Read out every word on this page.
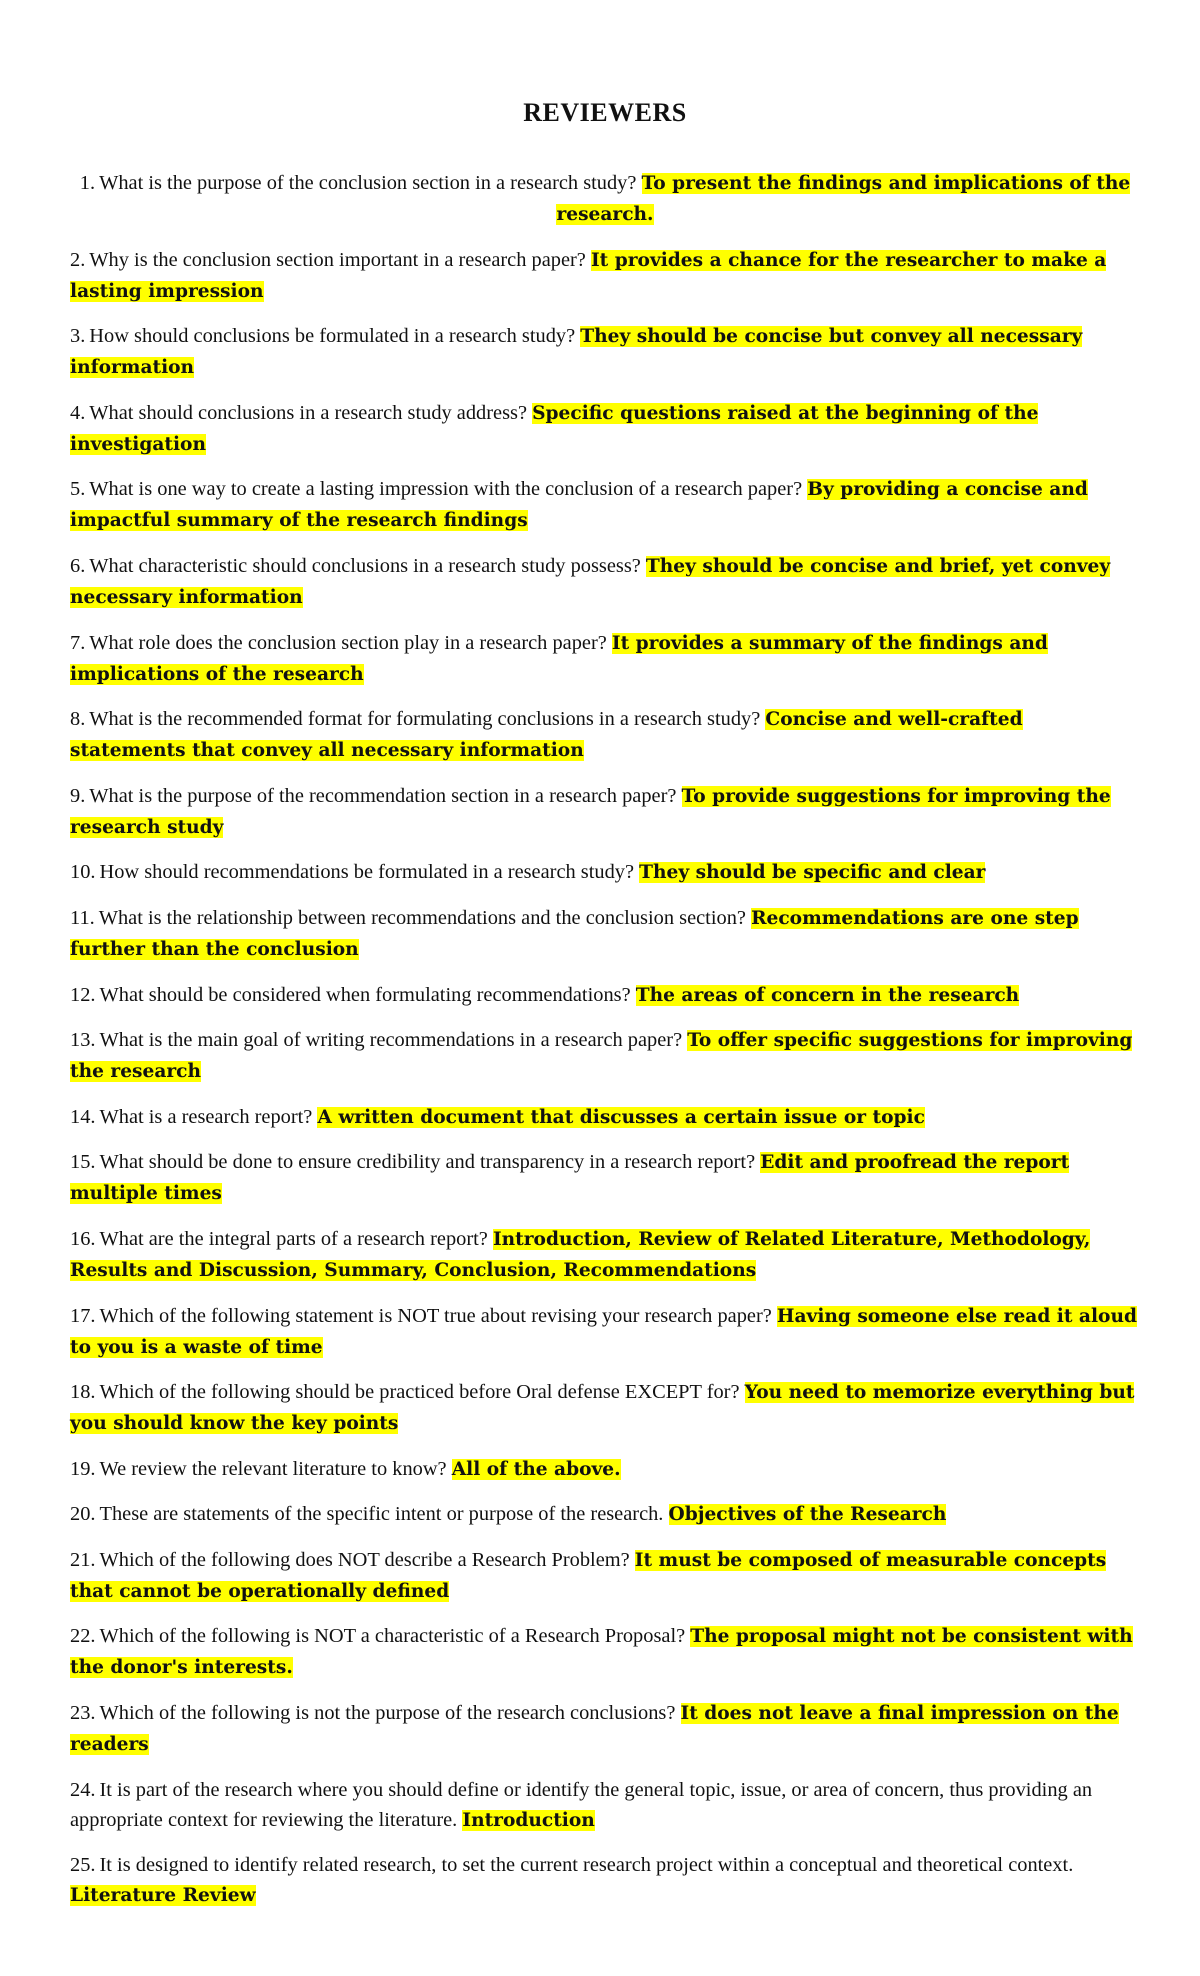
REVIEWERS

1. What is the purpose of the conclusion section in a research study? To present the findings and implications of the research.

2. Why is the conclusion section important in a research paper? It provides a chance for the researcher to make a lasting impression

3. How should conclusions be formulated in a research study? They should be concise but convey all necessary information

4. What should conclusions in a research study address? Specific questions raised at the beginning of the investigation

5. What is one way to create a lasting impression with the conclusion of a research paper? By providing a concise and impactful summary of the research findings

6. What characteristic should conclusions in a research study possess? They should be concise and brief, yet convey necessary information

7. What role does the conclusion section play in a research paper? It provides a summary of the findings and implications of the research

8. What is the recommended format for formulating conclusions in a research study? Concise and well-crafted statements that convey all necessary information

9. What is the purpose of the recommendation section in a research paper? To provide suggestions for improving the research study

10. How should recommendations be formulated in a research study? They should be specific and clear

11. What is the relationship between recommendations and the conclusion section? Recommendations are one step further than the conclusion

12. What should be considered when formulating recommendations? The areas of concern in the research

13. What is the main goal of writing recommendations in a research paper? To offer specific suggestions for improving the research

14. What is a research report? A written document that discusses a certain issue or topic

15. What should be done to ensure credibility and transparency in a research report? Edit and proofread the report multiple times

16. What are the integral parts of a research report? Introduction, Review of Related Literature, Methodology, Results and Discussion, Summary, Conclusion, Recommendations

17. Which of the following statement is NOT true about revising your research paper? Having someone else read it aloud to you is a waste of time

18. Which of the following should be practiced before Oral defense EXCEPT for? You need to memorize everything but you should know the key points

19. We review the relevant literature to know? All of the above.

20. These are statements of the specific intent or purpose of the research. Objectives of the Research

21. Which of the following does NOT describe a Research Problem? It must be composed of measurable concepts that cannot be operationally defined

22. Which of the following is NOT a characteristic of a Research Proposal? The proposal might not be consistent with the donor's interests.

23. Which of the following is not the purpose of the research conclusions? It does not leave a final impression on the readers

24. It is part of the research where you should define or identify the general topic, issue, or area of concern, thus providing an appropriate context for reviewing the literature. Introduction

25. It is designed to identify related research, to set the current research project within a conceptual and theoretical context. Literature Review
